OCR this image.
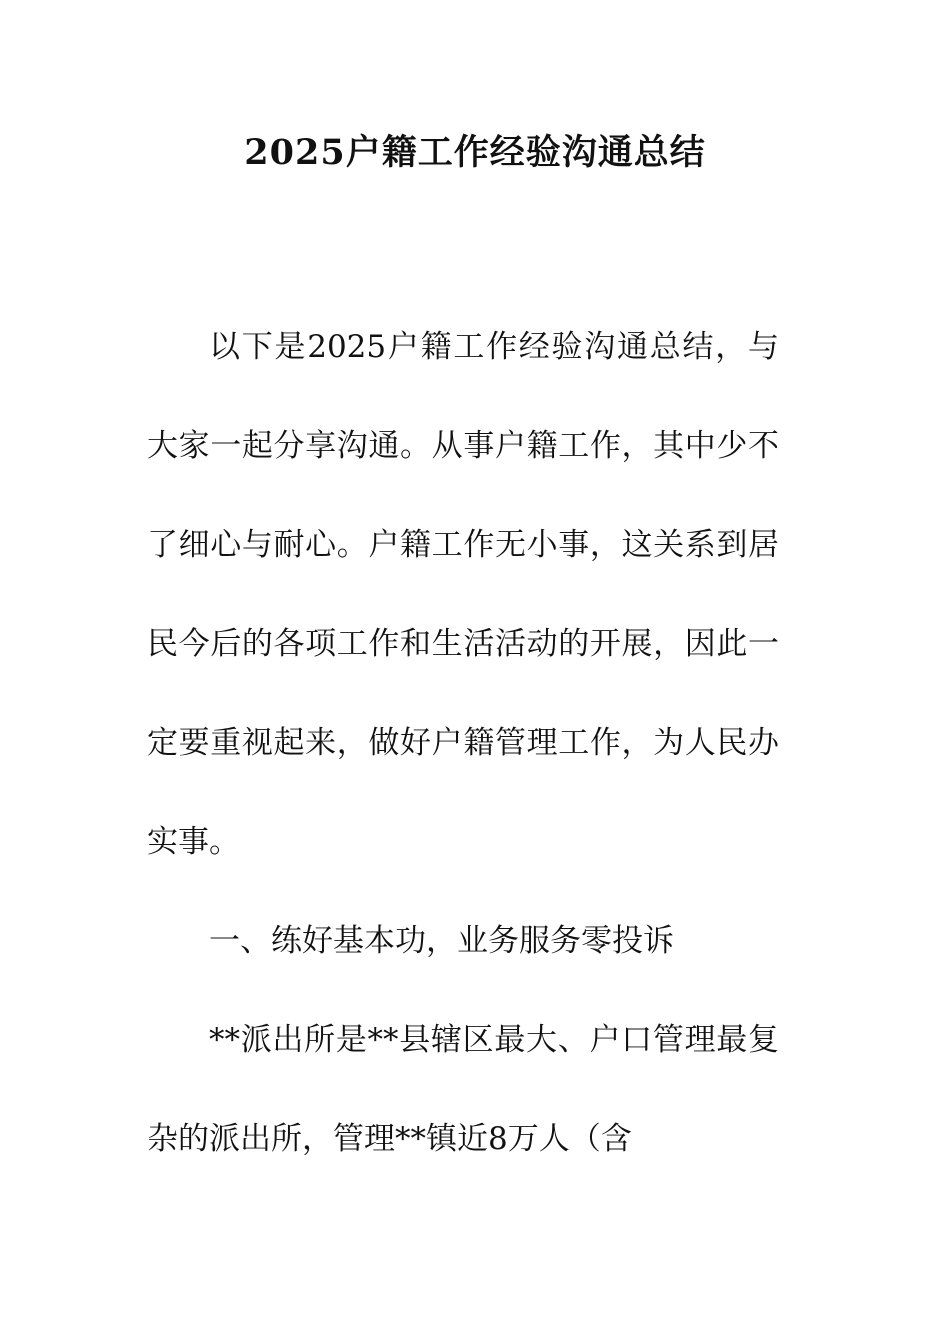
2025户籍工作经验沟通总结

以下是2025户籍工作经验沟通总结，与大家一起分享沟通。从事户籍工作，其中少不了细心与耐心。户籍工作无小事，这关系到居民今后的各项工作和生活活动的开展，因此一定要重视起来，做好户籍管理工作，为人民办实事。

一、练好基本功，业务服务零投诉

**派出所是**县辖区最大、户口管理最复杂的派出所，管理**镇近8万人（含
